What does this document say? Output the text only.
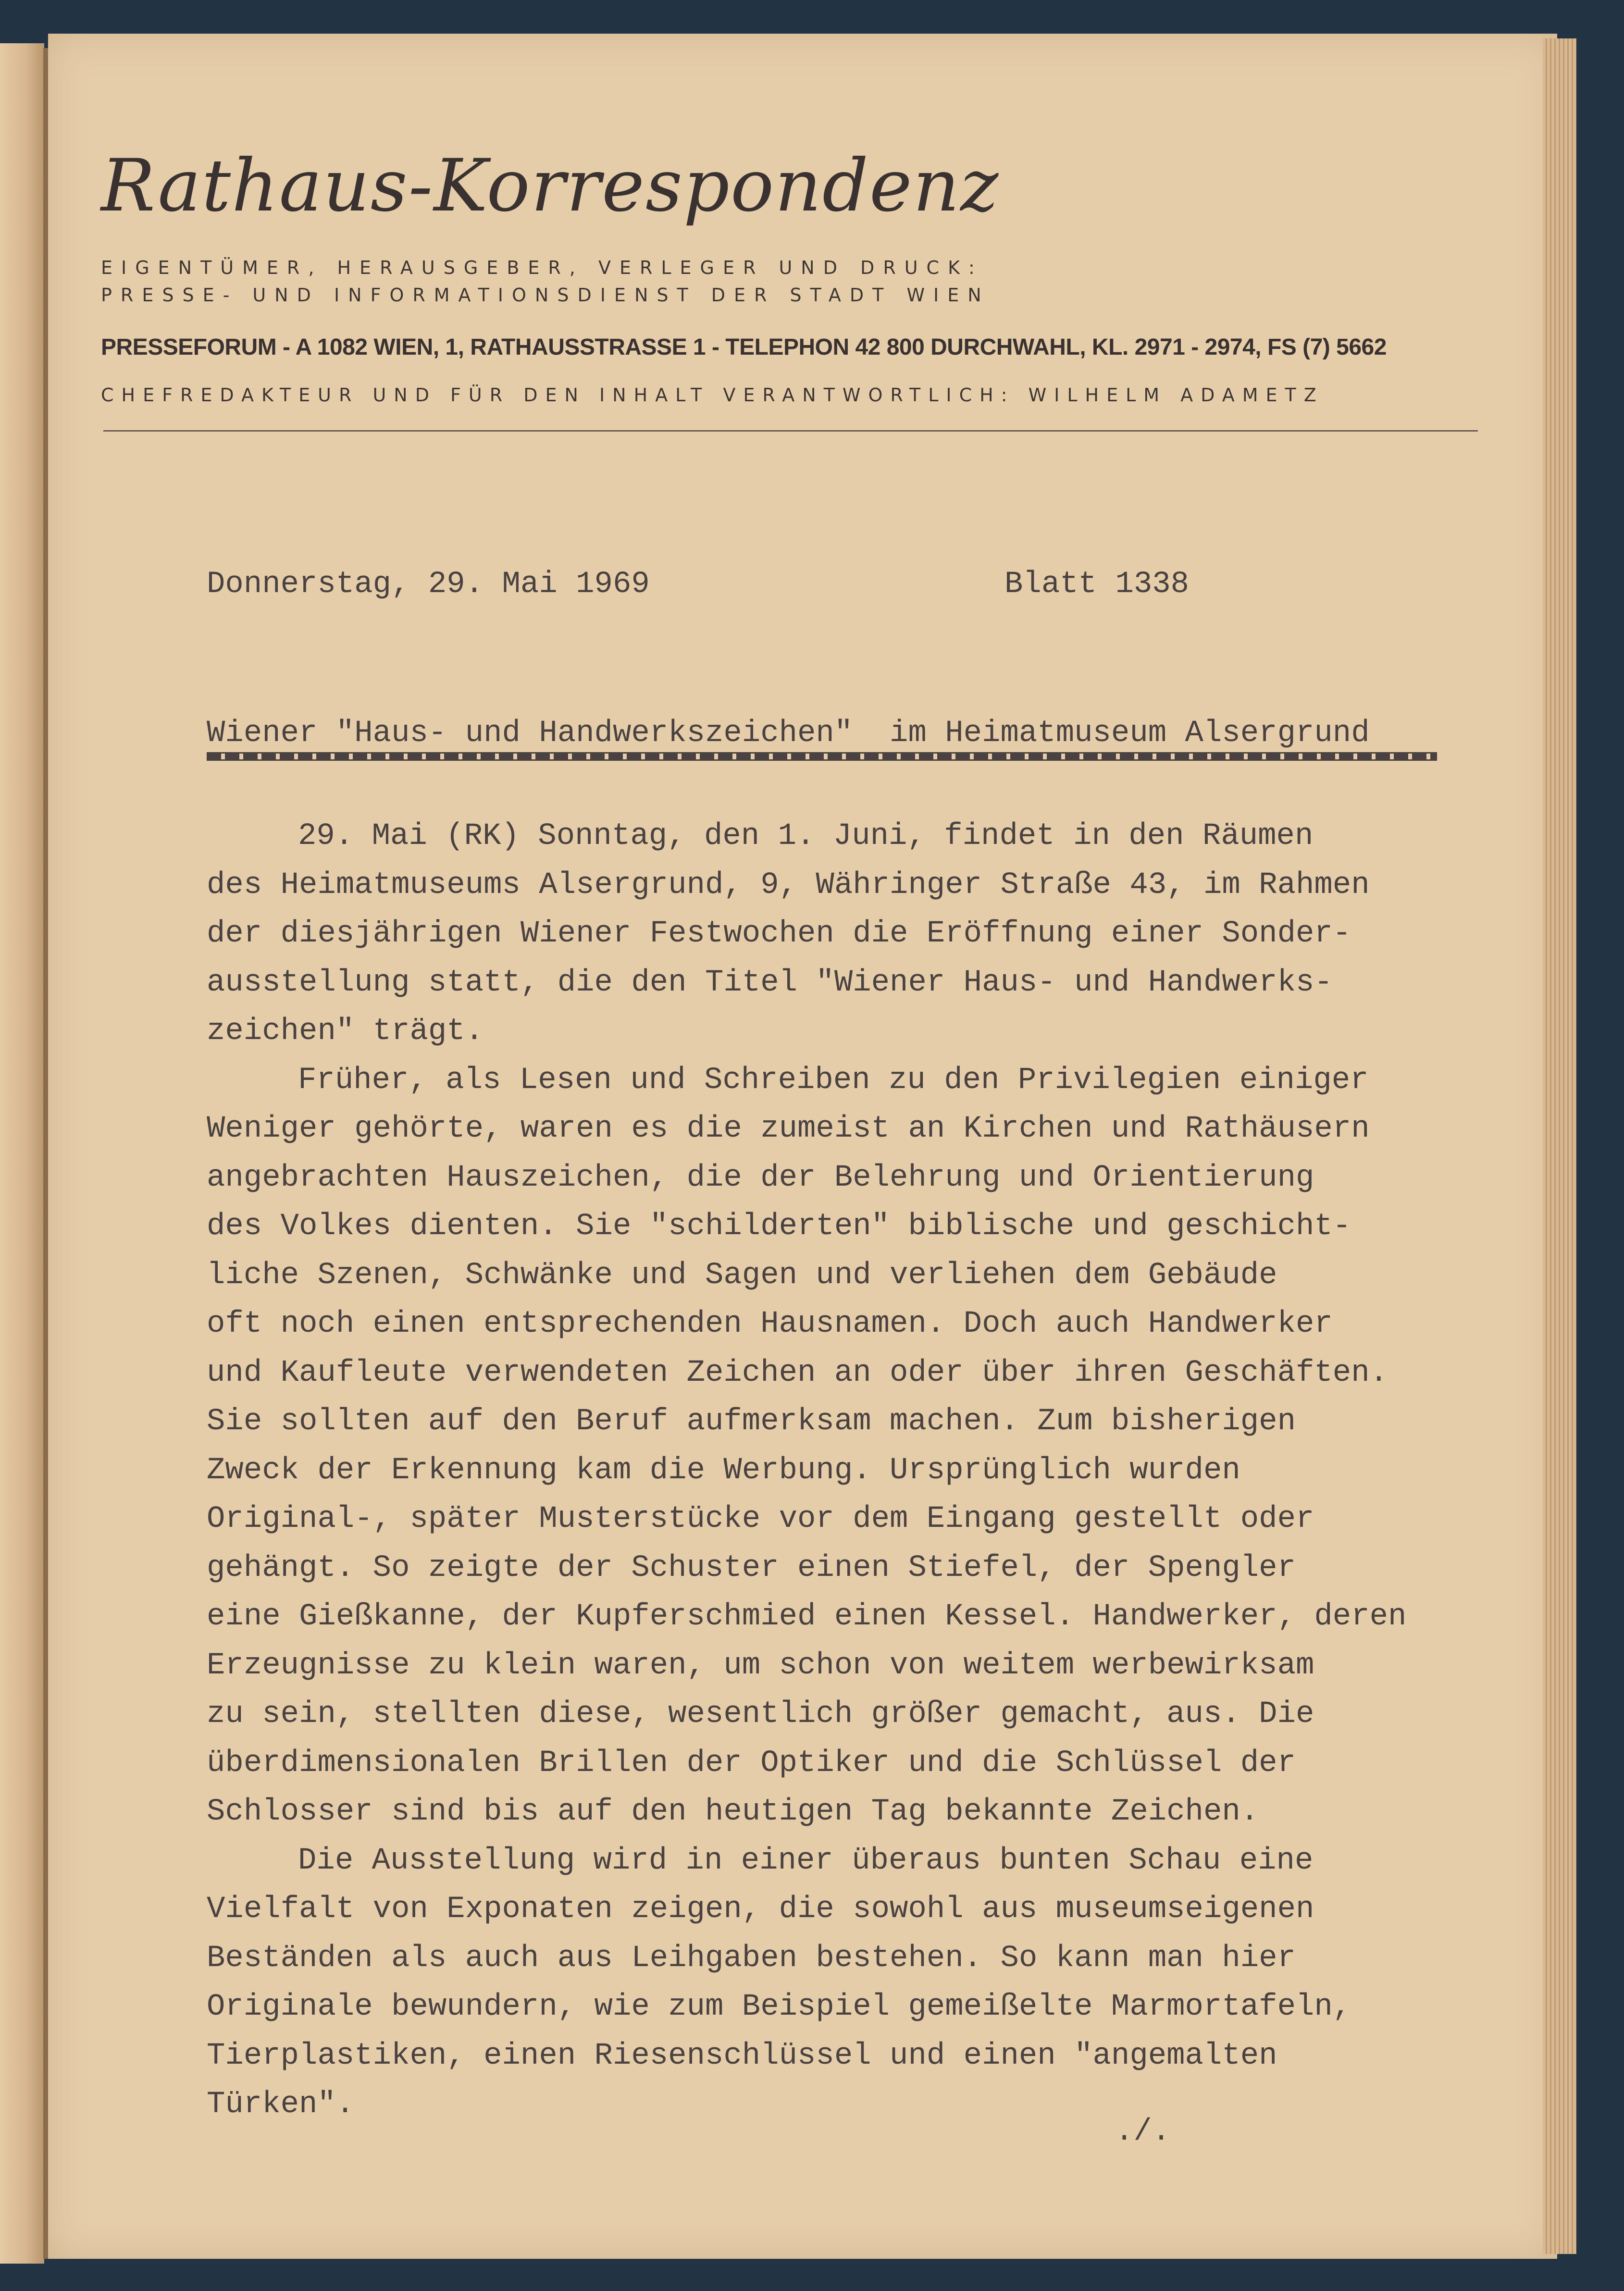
Rathaus-Korrespondenz
EIGENTÜMER, HERAUSGEBER, VERLEGER UND DRUCK:
PRESSE- UND INFORMATIONSDIENST DER STADT WIEN
PRESSEFORUM - A 1082 WIEN, 1, RATHAUSSTRASSE 1 - TELEPHON 42 800 DURCHWAHL, KL. 2971 - 2974, FS (7) 5662
CHEFREDAKTEUR UND FÜR DEN INHALT VERANTWORTLICH: WILHELM ADAMETZ
Donnerstag, 29. Mai 1969	Blatt 1338
Wiener "Haus- und Handwerkszeichen"  im Heimatmuseum Alsergrund

29. Mai (RK) Sonntag, den 1. Juni, findet in den Räumen
des Heimatmuseums Alsergrund, 9, Währinger Straße 43, im Rahmen
der diesjährigen Wiener Festwochen die Eröffnung einer Sonder-
ausstellung statt, die den Titel "Wiener Haus- und Handwerks-
zeichen" trägt.

Früher, als Lesen und Schreiben zu den Privilegien einiger
Weniger gehörte, waren es die zumeist an Kirchen und Rathäusern
angebrachten Hauszeichen, die der Belehrung und Orientierung
des Volkes dienten. Sie "schilderten" biblische und geschicht-
liche Szenen, Schwänke und Sagen und verliehen dem Gebäude
oft noch einen entsprechenden Hausnamen. Doch auch Handwerker
und Kaufleute verwendeten Zeichen an oder über ihren Geschäften.
Sie sollten auf den Beruf aufmerksam machen. Zum bisherigen
Zweck der Erkennung kam die Werbung. Ursprünglich wurden
Original-, später Musterstücke vor dem Eingang gestellt oder
gehängt. So zeigte der Schuster einen Stiefel, der Spengler
eine Gießkanne, der Kupferschmied einen Kessel. Handwerker, deren
Erzeugnisse zu klein waren, um schon von weitem werbewirksam
zu sein, stellten diese, wesentlich größer gemacht, aus. Die
überdimensionalen Brillen der Optiker und die Schlüssel der
Schlosser sind bis auf den heutigen Tag bekannte Zeichen.

Die Ausstellung wird in einer überaus bunten Schau eine
Vielfalt von Exponaten zeigen, die sowohl aus museumseigenen
Beständen als auch aus Leihgaben bestehen. So kann man hier
Originale bewundern, wie zum Beispiel gemeißelte Marmortafeln,
Tierplastiken, einen Riesenschlüssel und einen "angemalten
Türken".

./.
